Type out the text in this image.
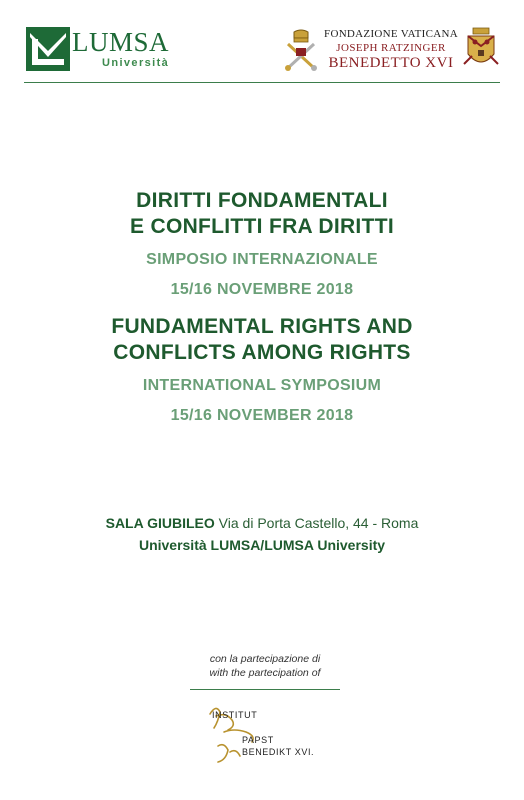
LUMSA
Università
FONDAZIONE VATICANA
JOSEPH RATZINGER
BENEDETTO XVI
DIRITTI FONDAMENTALI
E CONFLITTI FRA DIRITTI
SIMPOSIO INTERNAZIONALE
15/16 NOVEMBRE 2018
FUNDAMENTAL RIGHTS AND
CONFLICTS AMONG RIGHTS
INTERNATIONAL SYMPOSIUM
15/16 NOVEMBER 2018
SALA GIUBILEO Via di Porta Castello, 44 - Roma
Università LUMSA/LUMSA University
con la partecipazione di
with the partecipation of
INSTITUT
PAPST
BENEDIKT XVI.
